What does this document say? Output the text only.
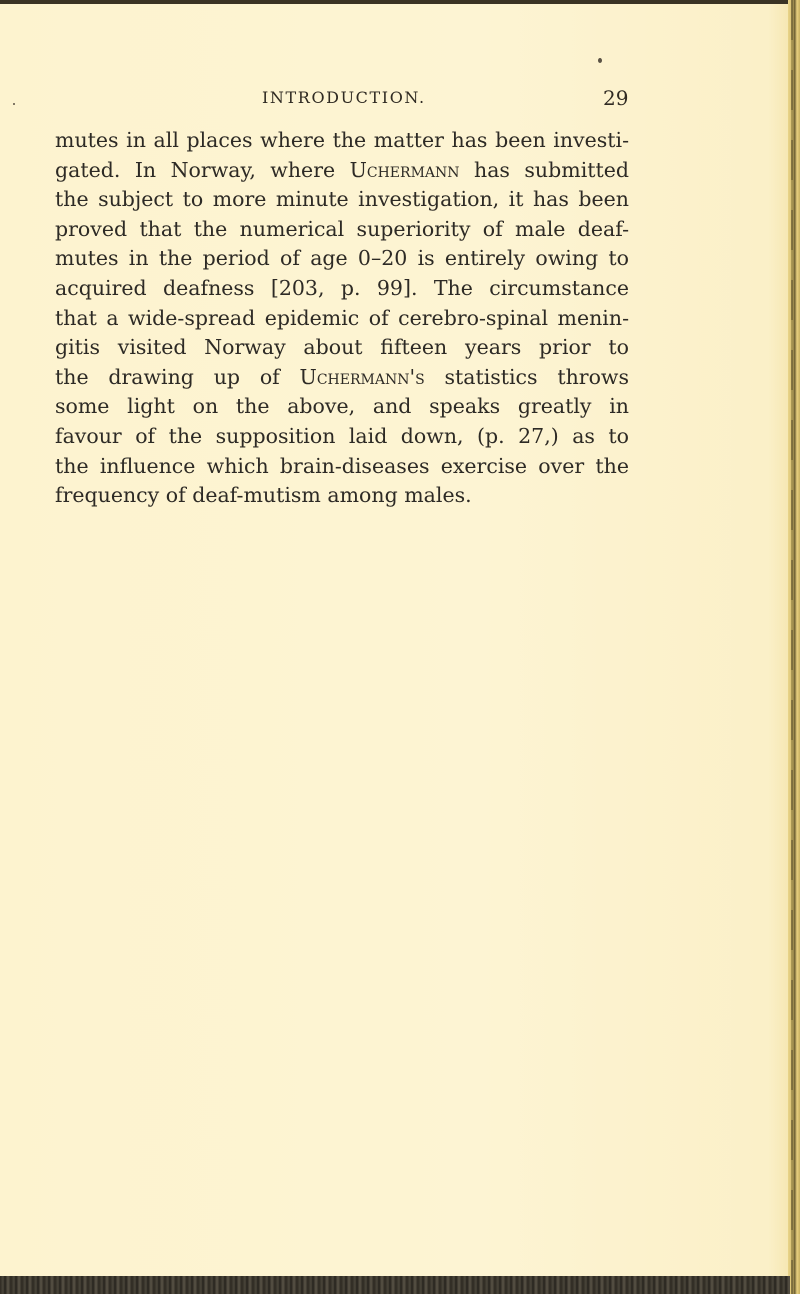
INTRODUCTION.	29

mutes in all places where the matter has been investi-
gated. In Norway, where Uchermann has submitted
the subject to more minute investigation, it has been
proved that the numerical superiority of male deaf-
mutes in the period of age 0–20 is entirely owing to
acquired deafness [203, p. 99]. The circumstance
that a wide-spread epidemic of cerebro-spinal menin-
gitis visited Norway about fifteen years prior to
the drawing up of Uchermann's statistics throws
some light on the above, and speaks greatly in
favour of the supposition laid down, (p. 27,) as to
the influence which brain-diseases exercise over the
frequency of deaf-mutism among males.
